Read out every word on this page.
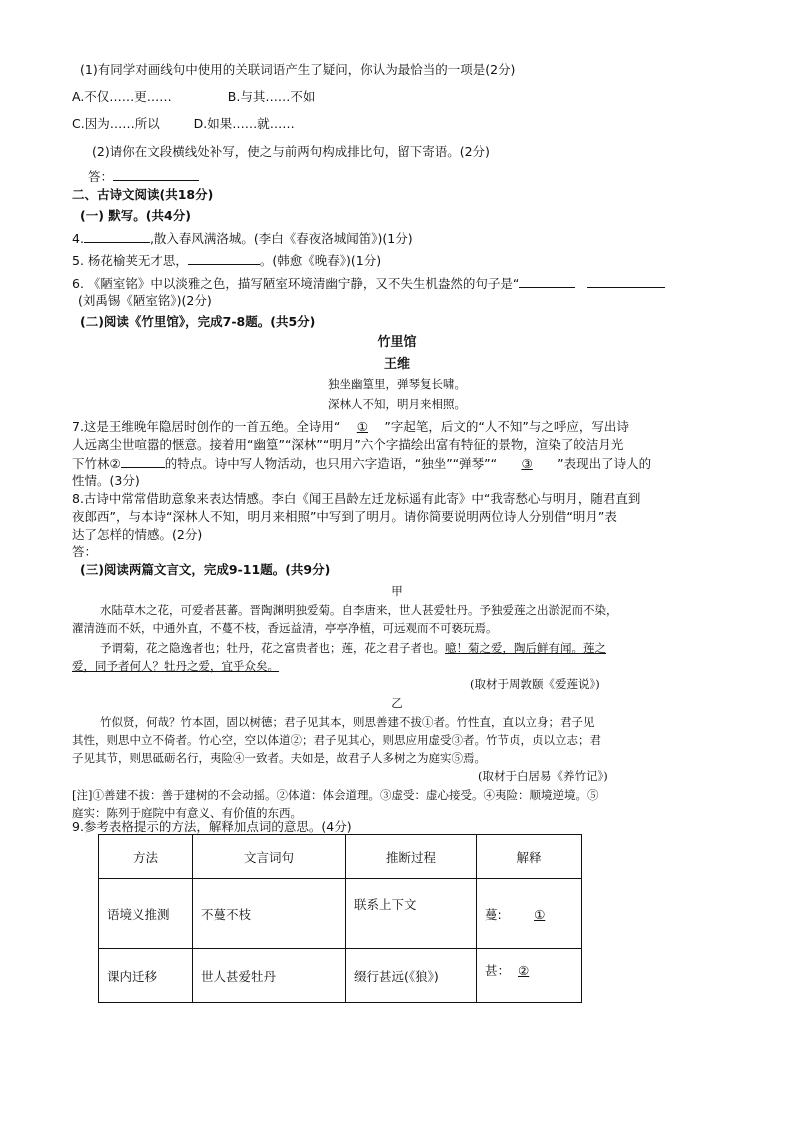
(1)有同学对画线句中使用的关联词语产生了疑问，你认为最恰当的一项是(2分)
A.不仅……更……	B.与其……不如
C.因为……所以	D.如果……就……
(2)请你在文段横线处补写，使之与前两句构成排比句，留下寄语。(2分)
答：
二、古诗文阅读(共18分)
(一) 默写。(共4分)
4.	,散入春风满洛城。(李白《春夜洛城闻笛》)(1分)
5. 杨花榆荚无才思，	。(韩愈《晚春》)(1分)
6. 《陋室铭》中以淡雅之色，描写陋室环境清幽宁静，又不失生机盎然的句子是“
(刘禹锡《陋室铭》)(2分)
(二)阅读《竹里馆》，完成7-8题。(共5分)
竹里馆
王维
独坐幽篁里，弹琴复长啸。
深林人不知，明月来相照。
7.这是王维晚年隐居时创作的一首五绝。全诗用“ ① ”字起笔，后文的“人不知”与之呼应，写出诗
人远离尘世喧嚣的惬意。接着用“幽篁”“深林”“明月”六个字描绘出富有特征的景物，渲染了皎洁月光
下竹林②	的特点。诗中写人物活动，也只用六字造语，“独坐”“弹琴”“ ③ ”表现出了诗人的
性情。(3分)
8.古诗中常常借助意象来表达情感。李白《闻王昌龄左迁龙标遥有此寄》中“我寄愁心与明月，随君直到
夜郎西”，与本诗“深林人不知，明月来相照”中写到了明月。请你简要说明两位诗人分别借“明月”表
达了怎样的情感。(2分)
答：
(三)阅读两篇文言文，完成9-11题。(共9分)
甲
水陆草木之花，可爱者甚蕃。晋陶渊明独爱菊。自李唐来，世人甚爱牡丹。予独爱莲之出淤泥而不染，
濯清涟而不妖，中通外直，不蔓不枝，香远益清，亭亭净植，可远观而不可亵玩焉。
予谓菊，花之隐逸者也；牡丹，花之富贵者也；莲，花之君子者也。噫！菊之爱，陶后鲜有闻。莲之
爱，同予者何人？牡丹之爱，宜乎众矣。
(取材于周敦颐《爱莲说》)
乙
竹似贤，何哉？竹本固，固以树德；君子见其本，则思善建不拔①者。竹性直，直以立身；君子见
其性，则思中立不倚者。竹心空，空以体道②；君子见其心，则思应用虚受③者。竹节贞，贞以立志；君
子见其节，则思砥砺名行，夷险④一致者。夫如是，故君子人多树之为庭实⑤焉。
(取材于白居易《养竹记》)
[注]①善建不拔：善于建树的不会动摇。②体道：体会道理。③虚受：虚心接受。④夷险：顺境逆境。⑤
庭实：陈列于庭院中有意义、有价值的东西。
9.参考表格提示的方法，解释加点词的意思。(4分)
方法	文言词句	推断过程	解释
语境义推测	不蔓不枝	联系上下文	蔓: ①
课内迁移	世人甚爱牡丹	缀行甚远(《狼》)	甚： ②
